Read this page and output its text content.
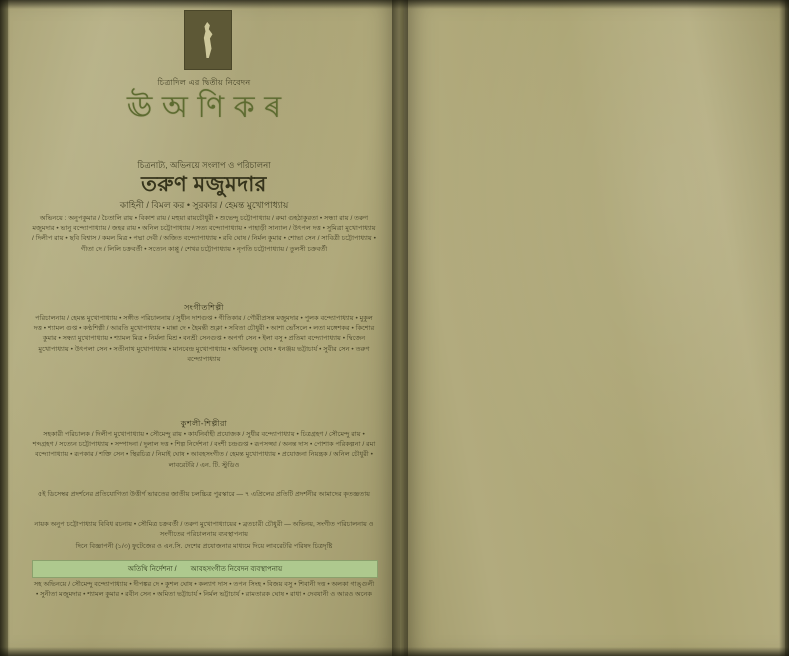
চিত্রাদিল এর দ্বিতীয় নিবেদন
ঊ অ ণি ক ৰ
চিত্রনাট্য, অভিনয়ে সংলাপ ও পরিচালনা
তরুণ মজুমদার
কাহিনী / বিমল কর • সুরকার / হেমন্ত মুখোপাধ্যায়
অভিনয়ে : অনুপকুমার / চৈতালি রায় • বিকাশ রায় / মহুয়া রায়চৌধুরী • শুভেন্দু চট্টোপাধ্যায় / রুমা গুহঠাকুরতা • সন্ধ্যা রায় / তরুণ মজুমদার • ভানু বন্দ্যোপাধ্যায় / জহর রায় • অনিল চট্টোপাধ্যায় / সত্য বন্দ্যোপাধ্যায় • পাহাড়ী সান্যাল / উৎপল দত্ত • সুমিত্রা মুখোপাধ্যায় / দিলীপ রায় • ছবি বিশ্বাস / কমল মিত্র • পদ্মা দেবী / অজিত বন্দ্যোপাধ্যায় • রবি ঘোষ / নির্মল কুমার • শোভা সেন / সাবিত্রী চট্টোপাধ্যায় • গীতা দে / লিলি চক্রবর্তী • সত্যেন কাপ্পু / শেখর চট্টোপাধ্যায় • নৃপতি চট্টোপাধ্যায় / তুলসী চক্রবর্তী
সংগীতশিল্পী
পরিচালনায় / হেমন্ত মুখোপাধ্যায় • সঙ্গীত পরিচালনায় / সুধীন দাশগুপ্ত • গীতিকার / গৌরীপ্রসন্ন মজুমদার • পুলক বন্দ্যোপাধ্যায় • মুকুল দত্ত • শ্যামল গুপ্ত • কণ্ঠশিল্পী / আরতি মুখোপাধ্যায় • মান্না দে • হৈমন্তী শুক্লা • সবিতা চৌধুরী • আশা ভোঁসলে • লতা মঙ্গেশকর • কিশোর কুমার • সন্ধ্যা মুখোপাধ্যায় • শ্যামল মিত্র • নির্মলা মিশ্র • বনশ্রী সেনগুপ্ত • অপর্ণা সেন • ইলা বসু • প্রতিমা বন্দ্যোপাধ্যায় • দ্বিজেন মুখোপাধ্যায় • উৎপলা সেন • সতীনাথ মুখোপাধ্যায় • মানবেন্দ্র মুখোপাধ্যায় • অখিলবন্ধু ঘোষ • ধনঞ্জয় ভট্টাচার্য • সুবীর সেন • তরুণ বন্দ্যোপাধ্যায়
কুশলী-শিল্পীরা
সহকারী পরিচালক / দিলীপ মুখোপাধ্যায় • সৌমেন্দু রায় • কার্যনির্বাহী প্রযোজক / সুধীর বন্দ্যোপাধ্যায় • চিত্রগ্রহণ / সৌমেন্দু রায় • শব্দগ্রহণ / সত্যেন চট্টোপাধ্যায় • সম্পাদনা / দুলাল দত্ত • শিল্প নির্দেশনা / বংশী চন্দ্রগুপ্ত • রূপসজ্জা / অনন্ত দাস • পোশাক পরিকল্পনা / রমা বন্দ্যোপাধ্যায় • রূপকার / শক্তি সেন • স্থিরচিত্র / নিমাই ঘোষ • আবহসংগীত / হেমন্ত মুখোপাধ্যায় • প্রযোজনা নিয়ন্ত্রক / অনিল চৌধুরী • লাবরেটরি / এন. টি. স্টুডিও
৫ই ডিসেম্বর প্রদর্শনের প্রতিযোগিতা উত্তীর্ণ ভারতের জাতীয় চলচ্চিত্র পুরস্কারে — ৭ এপ্রিলের প্রতিটি প্রদর্শনীর আমাদের কৃতজ্ঞতায়
নায়ক অনুপ চট্টোপাধ্যায় বিবিধ রচনায় • সৌমিত্র চক্রবর্তী / তরুণ মুখোপাধ্যায়ের • ব্রতচারী চৌধুরী — অভিনয়, সংগীত পরিচালনায় ও সংগীতের পরিচালনায় ব্যবস্থাপনায়
দিনে বিজ্ঞাপনী (১/৩) ফুটেজের ও এন.সি. দেশের প্রযোজনার মাধ্যমে দিয়ে লাবরেটরি পরিষদ চিত্রদৃষ্টি
অতিথি নির্দেশনা / আবহসংগীত নিবেদন ব্যবস্থাপনায়
সহ অভিনয়ে / সৌমেন্দু বন্দ্যোপাধ্যায় • দীপঙ্কর দে • কুশল ঘোষ • কল্যাণ দাস • তপন সিংহ • বিজয় বসু • শিবানী দত্ত • অলকা গাঙ্গুলী • সুনীতা মজুমদার • শ্যামল কুমার • রবীন সেন • অমিতা ভট্টাচার্য • নির্মল ভট্টাচার্য • রামতারক ঘোষ • রাধা • দেবযানী ও আরও অনেক
